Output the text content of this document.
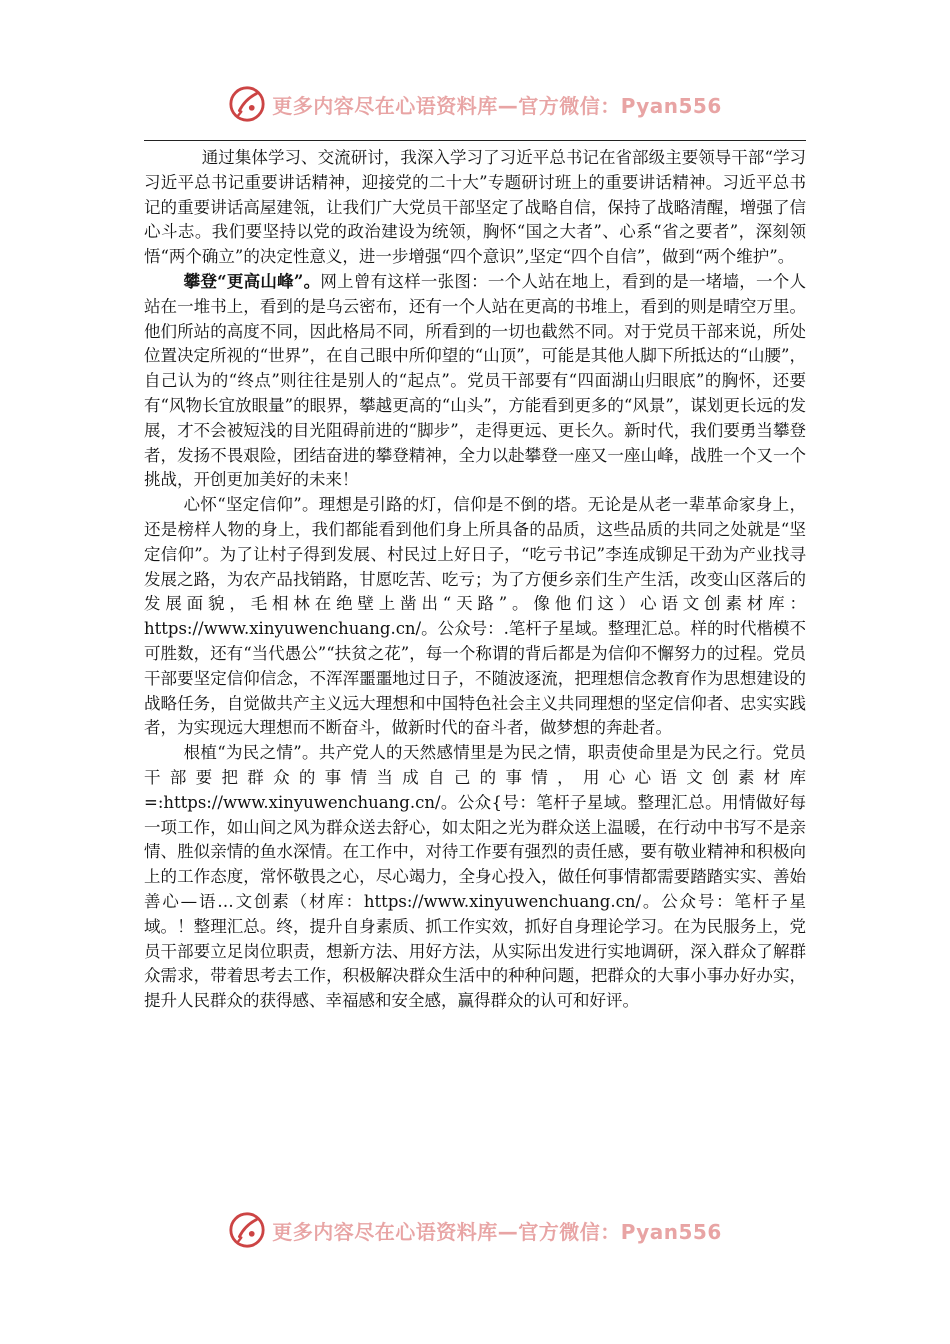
更多内容尽在心语资料库—官方微信：Pyan556

通过集体学习、交流研讨，我深入学习了习近平总书记在省部级主要领导干部“学习习近平总书记重要讲话精神，迎接党的二十大”专题研讨班上的重要讲话精神。习近平总书记的重要讲话高屋建瓴，让我们广大党员干部坚定了战略自信，保持了战略清醒，增强了信心斗志。我们要坚持以党的政治建设为统领，胸怀“国之大者”、心系“省之要者”，深刻领悟“两个确立”的决定性意义，进一步增强“四个意识”,坚定“四个自信”，做到“两个维护”。

攀登“更高山峰”。网上曾有这样一张图：一个人站在地上，看到的是一堵墙，一个人站在一堆书上，看到的是乌云密布，还有一个人站在更高的书堆上，看到的则是晴空万里。他们所站的高度不同，因此格局不同，所看到的一切也截然不同。对于党员干部来说，所处位置决定所视的“世界”，在自己眼中所仰望的“山顶”，可能是其他人脚下所抵达的“山腰”，自己认为的“终点”则往往是别人的“起点”。党员干部要有“四面湖山归眼底”的胸怀，还要有“风物长宜放眼量”的眼界，攀越更高的“山头”，方能看到更多的“风景”，谋划更长远的发展，才不会被短浅的目光阻碍前进的“脚步”，走得更远、更长久。新时代，我们要勇当攀登者，发扬不畏艰险，团结奋进的攀登精神，全力以赴攀登一座又一座山峰，战胜一个又一个挑战，开创更加美好的未来！

心怀“坚定信仰”。理想是引路的灯，信仰是不倒的塔。无论是从老一辈革命家身上，还是榜样人物的身上，我们都能看到他们身上所具备的品质，这些品质的共同之处就是“坚定信仰”。为了让村子得到发展、村民过上好日子，“吃亏书记”李连成铆足干劲为产业找寻发展之路，为农产品找销路，甘愿吃苦、吃亏；为了方便乡亲们生产生活，改变山区落后的发展面貌，毛相林在绝壁上凿出“天路”。像他们这）心语文创素材库：https://www.xinyuwenchuang.cn/。公众号：.笔杆子星域。整理汇总。样的时代楷模不可胜数，还有“当代愚公”“扶贫之花”，每一个称谓的背后都是为信仰不懈努力的过程。党员干部要坚定信仰信念，不浑浑噩噩地过日子，不随波逐流，把理想信念教育作为思想建设的战略任务，自觉做共产主义远大理想和中国特色社会主义共同理想的坚定信仰者、忠实实践者，为实现远大理想而不断奋斗，做新时代的奋斗者，做梦想的奔赴者。

根植“为民之情”。共产党人的天然感情里是为民之情，职责使命里是为民之行。党员干部要把群众的事情当成自己的事情，用心心语文创素材库=:https://www.xinyuwenchuang.cn/。公众{号：笔杆子星域。整理汇总。用情做好每一项工作，如山间之风为群众送去舒心，如太阳之光为群众送上温暖，在行动中书写不是亲情、胜似亲情的鱼水深情。在工作中，对待工作要有强烈的责任感，要有敬业精神和积极向上的工作态度，常怀敬畏之心，尽心竭力，全身心投入，做任何事情都需要踏踏实实、善始善心—语…文创素（材库：https://www.xinyuwenchuang.cn/。公众号：笔杆子星域。！整理汇总。终，提升自身素质、抓工作实效，抓好自身理论学习。在为民服务上，党员干部要立足岗位职责，想新方法、用好方法，从实际出发进行实地调研，深入群众了解群众需求，带着思考去工作，积极解决群众生活中的种种问题，把群众的大事小事办好办实，提升人民群众的获得感、幸福感和安全感，赢得群众的认可和好评。

更多内容尽在心语资料库—官方微信：Pyan556
